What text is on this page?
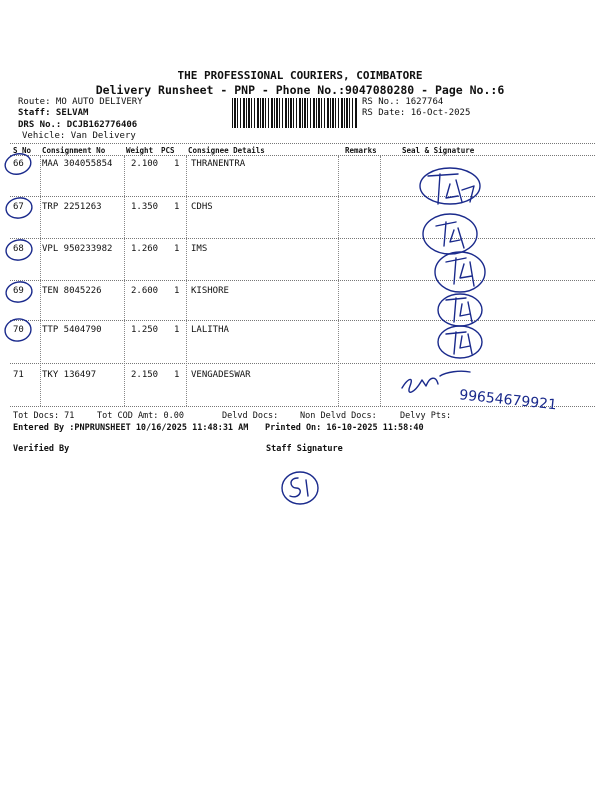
THE PROFESSIONAL COURIERS, COIMBATORE
Delivery Runsheet - PNP - Phone No.:9047080280 - Page No.:6
Route: MO AUTO DELIVERY
Staff: SELVAM
DRS No.: DCJB162776406
Vehicle: Van Delivery
RS No.: 1627764
RS Date: 16-Oct-2025
S No Consignment No	Weight PCS Consignee Details	Remarks	Seal & Signature
66 MAA 304055854 2.100 1 THRANENTRA
67 TRP 2251263	1.350 1 CDHS
68 VPL 950233982 1.260 1 IMS
69 TEN 8045226	2.600 1 KISHORE
70 TTP 5404790	1.250 1 LALITHA
71 TKY 136497	2.150 1 VENGADESWAR
Tot Docs: 71	Tot COD Amt: 0.00	Delvd Docs:	Non Delvd Docs:	Delvy Pts:
Entered By :PNPRUNSHEET 10/16/2025 11:48:31 AM Printed On: 16-10-2025 11:58:40
Verified By	Staff Signature
99654679921
